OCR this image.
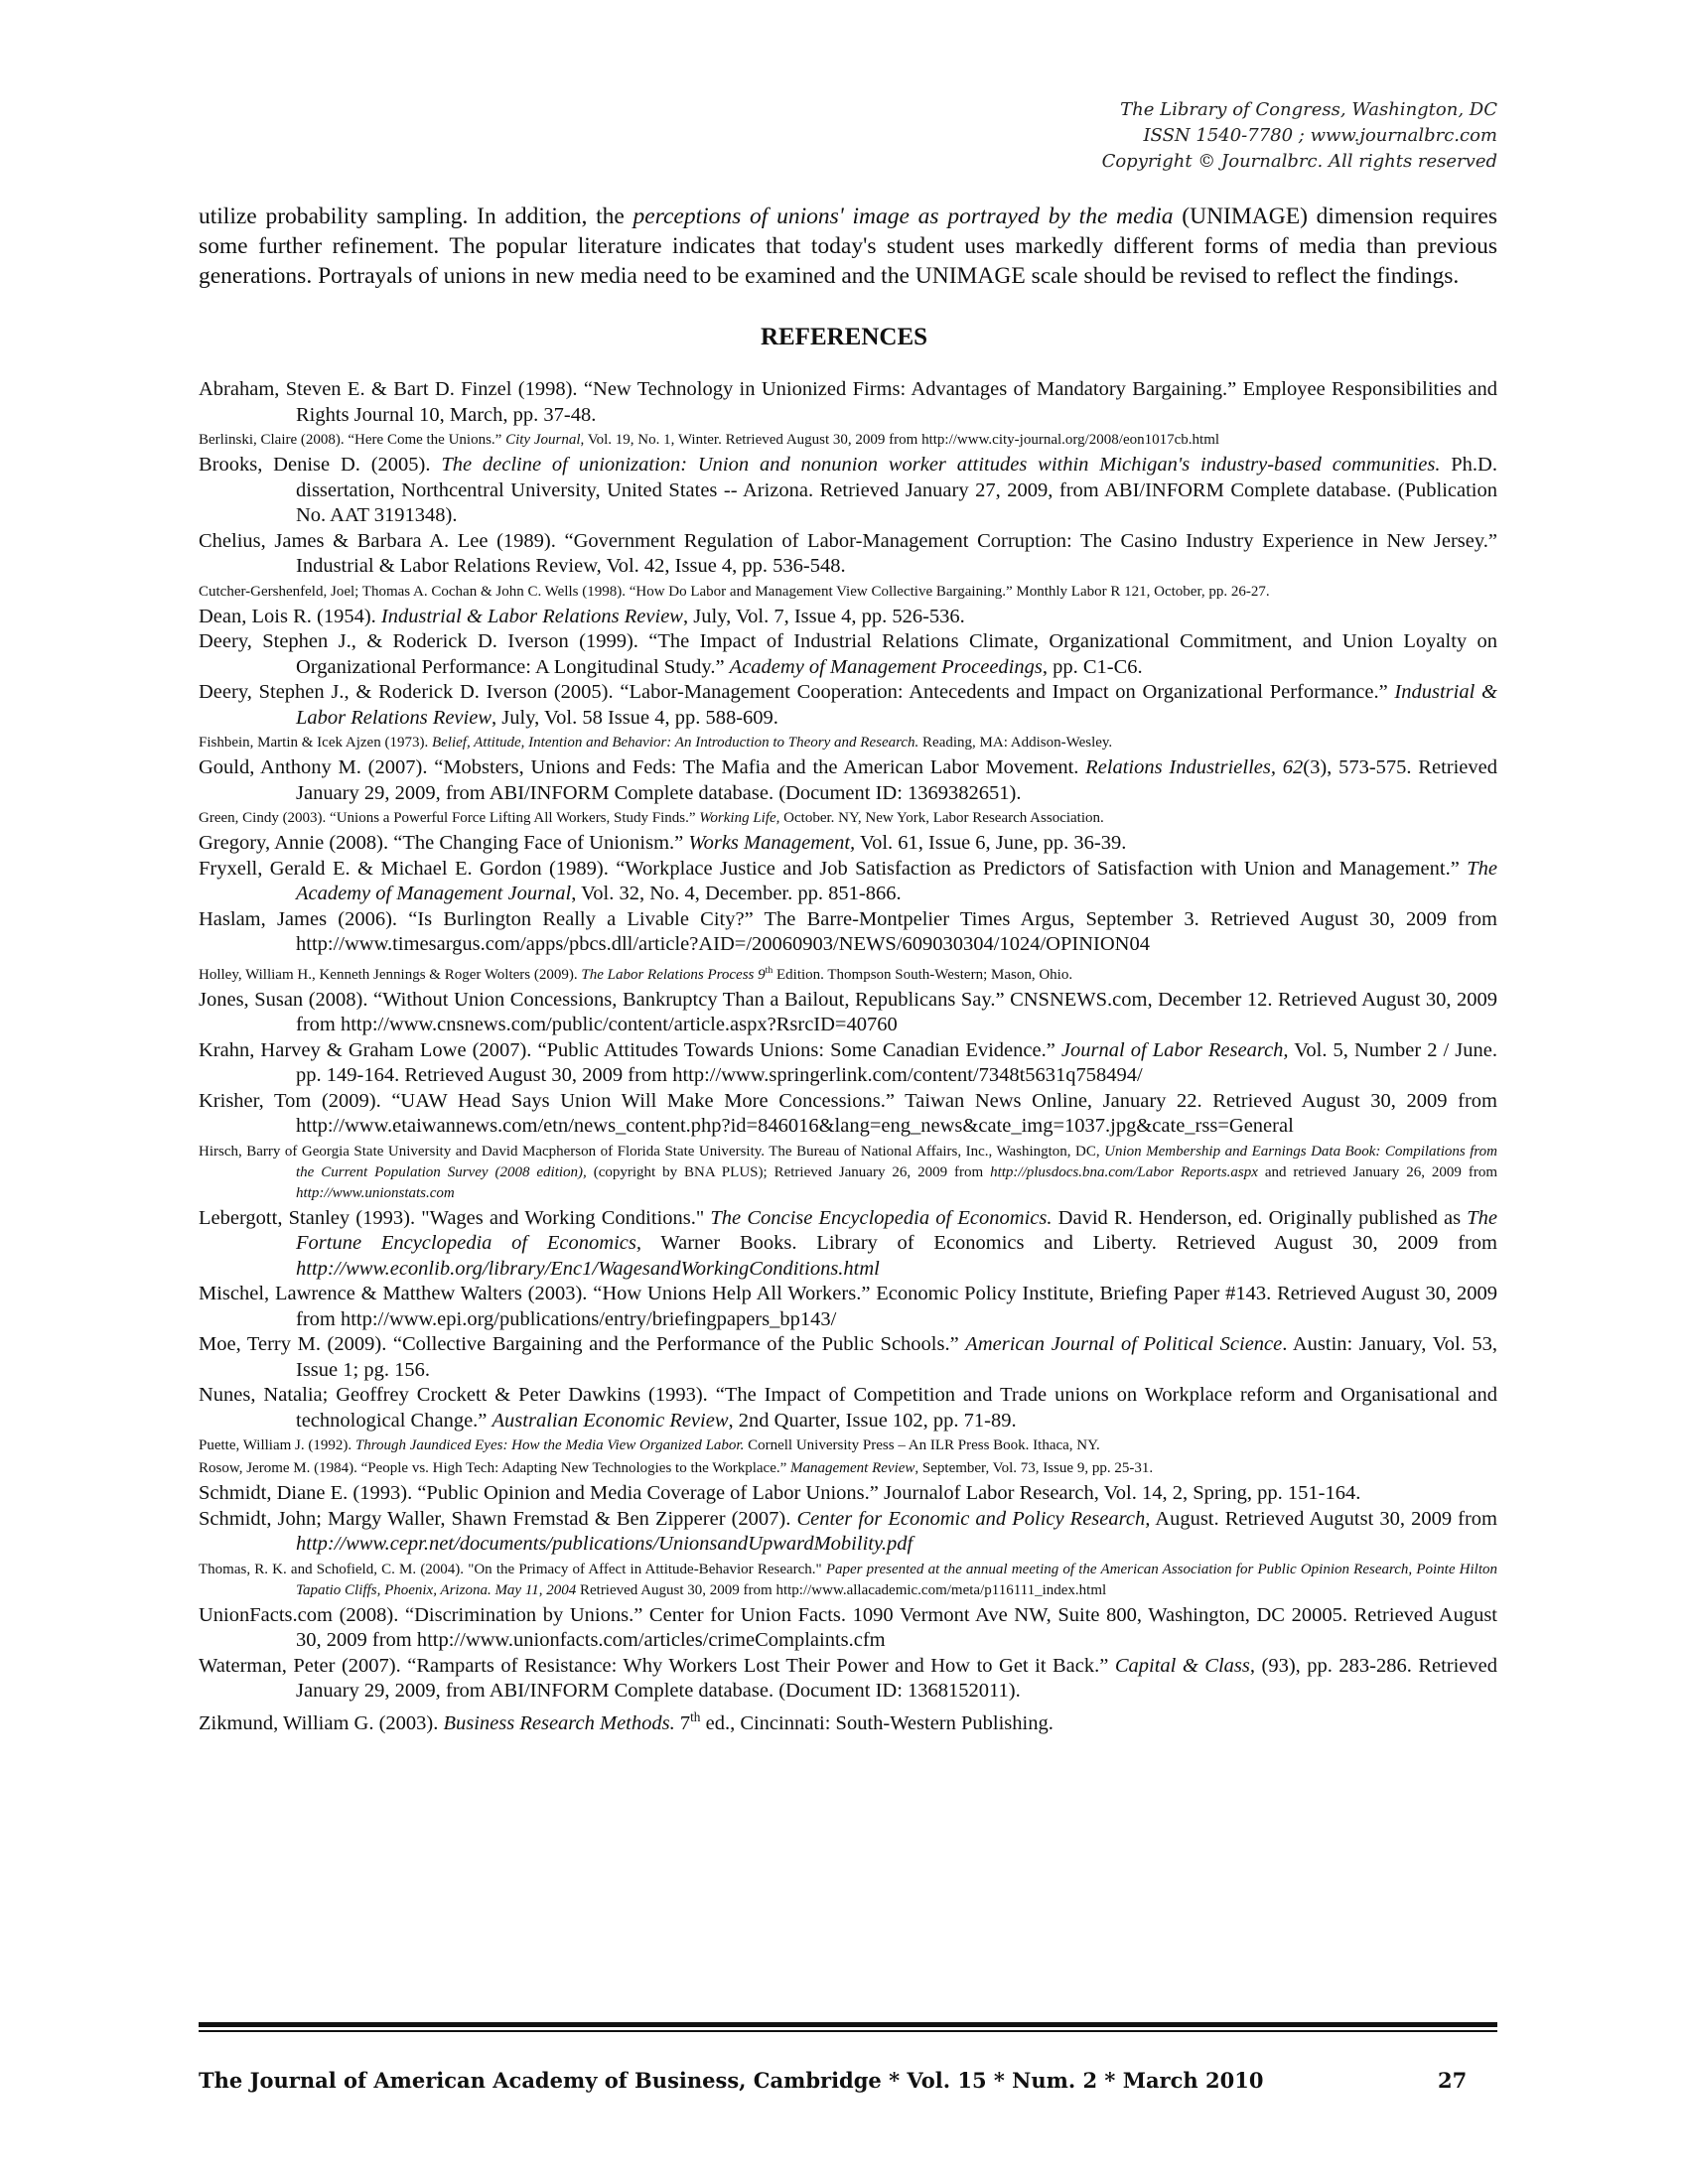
The Library of Congress, Washington, DC
ISSN 1540-7780 ; www.journalbrc.com
Copyright © Journalbrc. All rights reserved
utilize probability sampling. In addition, the perceptions of unions' image as portrayed by the media (UNIMAGE) dimension requires some further refinement. The popular literature indicates that today's student uses markedly different forms of media than previous generations. Portrayals of unions in new media need to be examined and the UNIMAGE scale should be revised to reflect the findings.
REFERENCES
Abraham, Steven E. & Bart D. Finzel (1998). “New Technology in Unionized Firms: Advantages of Mandatory Bargaining.” Employee Responsibilities and Rights Journal 10, March, pp. 37-48.
Berlinski, Claire (2008). “Here Come the Unions.” City Journal, Vol. 19, No. 1, Winter. Retrieved August 30, 2009 from http://www.city-journal.org/2008/eon1017cb.html
Brooks, Denise D. (2005). The decline of unionization: Union and nonunion worker attitudes within Michigan's industry-based communities. Ph.D. dissertation, Northcentral University, United States -- Arizona. Retrieved January 27, 2009, from ABI/INFORM Complete database. (Publication No. AAT 3191348).
Chelius, James & Barbara A. Lee (1989). “Government Regulation of Labor-Management Corruption: The Casino Industry Experience in New Jersey.” Industrial & Labor Relations Review, Vol. 42, Issue 4, pp. 536-548.
Cutcher-Gershenfeld, Joel; Thomas A. Cochan & John C. Wells (1998). “How Do Labor and Management View Collective Bargaining.” Monthly Labor R 121, October, pp. 26-27.
Dean, Lois R. (1954). Industrial & Labor Relations Review, July, Vol. 7, Issue 4, pp. 526-536.
Deery, Stephen J., & Roderick D. Iverson (1999). “The Impact of Industrial Relations Climate, Organizational Commitment, and Union Loyalty on Organizational Performance: A Longitudinal Study.” Academy of Management Proceedings, pp. C1-C6.
Deery, Stephen J., & Roderick D. Iverson (2005). “Labor-Management Cooperation: Antecedents and Impact on Organizational Performance.” Industrial & Labor Relations Review, July, Vol. 58 Issue 4, pp. 588-609.
Fishbein, Martin & Icek Ajzen (1973). Belief, Attitude, Intention and Behavior: An Introduction to Theory and Research. Reading, MA: Addison-Wesley.
Gould, Anthony M. (2007). “Mobsters, Unions and Feds: The Mafia and the American Labor Movement. Relations Industrielles, 62(3), 573-575. Retrieved January 29, 2009, from ABI/INFORM Complete database. (Document ID: 1369382651).
Green, Cindy (2003). “Unions a Powerful Force Lifting All Workers, Study Finds.” Working Life, October. NY, New York, Labor Research Association.
Gregory, Annie (2008). “The Changing Face of Unionism.” Works Management, Vol. 61, Issue 6, June, pp. 36-39.
Fryxell, Gerald E. & Michael E. Gordon (1989). “Workplace Justice and Job Satisfaction as Predictors of Satisfaction with Union and Management.” The Academy of Management Journal, Vol. 32, No. 4, December. pp. 851-866.
Haslam, James (2006). “Is Burlington Really a Livable City?” The Barre-Montpelier Times Argus, September 3. Retrieved August 30, 2009 from http://www.timesargus.com/apps/pbcs.dll/article?AID=/20060903/NEWS/609030304/1024/OPINION04
Holley, William H., Kenneth Jennings & Roger Wolters (2009). The Labor Relations Process 9th Edition. Thompson South-Western; Mason, Ohio.
Jones, Susan (2008). “Without Union Concessions, Bankruptcy Than a Bailout, Republicans Say.” CNSNEWS.com, December 12. Retrieved August 30, 2009 from http://www.cnsnews.com/public/content/article.aspx?RsrcID=40760
Krahn, Harvey & Graham Lowe (2007). “Public Attitudes Towards Unions: Some Canadian Evidence.” Journal of Labor Research, Vol. 5, Number 2 / June. pp. 149-164. Retrieved August 30, 2009 from http://www.springerlink.com/content/7348t5631q758494/
Krisher, Tom (2009). “UAW Head Says Union Will Make More Concessions.” Taiwan News Online, January 22. Retrieved August 30, 2009 from http://www.etaiwannews.com/etn/news_content.php?id=846016&lang=eng_news&cate_img=1037.jpg&cate_rss=General
Hirsch, Barry of Georgia State University and David Macpherson of Florida State University. The Bureau of National Affairs, Inc., Washington, DC, Union Membership and Earnings Data Book: Compilations from the Current Population Survey (2008 edition), (copyright by BNA PLUS); Retrieved January 26, 2009 from http://plusdocs.bna.com/Labor Reports.aspx and retrieved January 26, 2009 from http://www.unionstats.com
Lebergott, Stanley (1993). "Wages and Working Conditions." The Concise Encyclopedia of Economics. David R. Henderson, ed. Originally published as The Fortune Encyclopedia of Economics, Warner Books. Library of Economics and Liberty. Retrieved August 30, 2009 from http://www.econlib.org/library/Enc1/WagesandWorkingConditions.html
Mischel, Lawrence & Matthew Walters (2003). “How Unions Help All Workers.” Economic Policy Institute, Briefing Paper #143. Retrieved August 30, 2009 from http://www.epi.org/publications/entry/briefingpapers_bp143/
Moe, Terry M. (2009). “Collective Bargaining and the Performance of the Public Schools.” American Journal of Political Science. Austin: January, Vol. 53, Issue 1; pg. 156.
Nunes, Natalia; Geoffrey Crockett & Peter Dawkins (1993). “The Impact of Competition and Trade unions on Workplace reform and Organisational and technological Change.” Australian Economic Review, 2nd Quarter, Issue 102, pp. 71-89.
Puette, William J. (1992). Through Jaundiced Eyes: How the Media View Organized Labor. Cornell University Press – An ILR Press Book. Ithaca, NY.
Rosow, Jerome M. (1984). “People vs. High Tech: Adapting New Technologies to the Workplace.” Management Review, September, Vol. 73, Issue 9, pp. 25-31.
Schmidt, Diane E. (1993). “Public Opinion and Media Coverage of Labor Unions.” Journalof Labor Research, Vol. 14, 2, Spring, pp. 151-164.
Schmidt, John; Margy Waller, Shawn Fremstad & Ben Zipperer (2007). Center for Economic and Policy Research, August. Retrieved Augutst 30, 2009 from http://www.cepr.net/documents/publications/UnionsandUpwardMobility.pdf
Thomas, R. K. and Schofield, C. M. (2004). "On the Primacy of Affect in Attitude-Behavior Research." Paper presented at the annual meeting of the American Association for Public Opinion Research, Pointe Hilton Tapatio Cliffs, Phoenix, Arizona. May 11, 2004 Retrieved August 30, 2009 from http://www.allacademic.com/meta/p116111_index.html
UnionFacts.com (2008). “Discrimination by Unions.” Center for Union Facts. 1090 Vermont Ave NW, Suite 800, Washington, DC 20005. Retrieved August 30, 2009 from http://www.unionfacts.com/articles/crimeComplaints.cfm
Waterman, Peter (2007). “Ramparts of Resistance: Why Workers Lost Their Power and How to Get it Back.” Capital & Class, (93), pp. 283-286. Retrieved January 29, 2009, from ABI/INFORM Complete database. (Document ID: 1368152011).
Zikmund, William G. (2003). Business Research Methods. 7th ed., Cincinnati: South-Western Publishing.
The Journal of American Academy of Business, Cambridge * Vol. 15 * Num. 2 * March 2010	27
